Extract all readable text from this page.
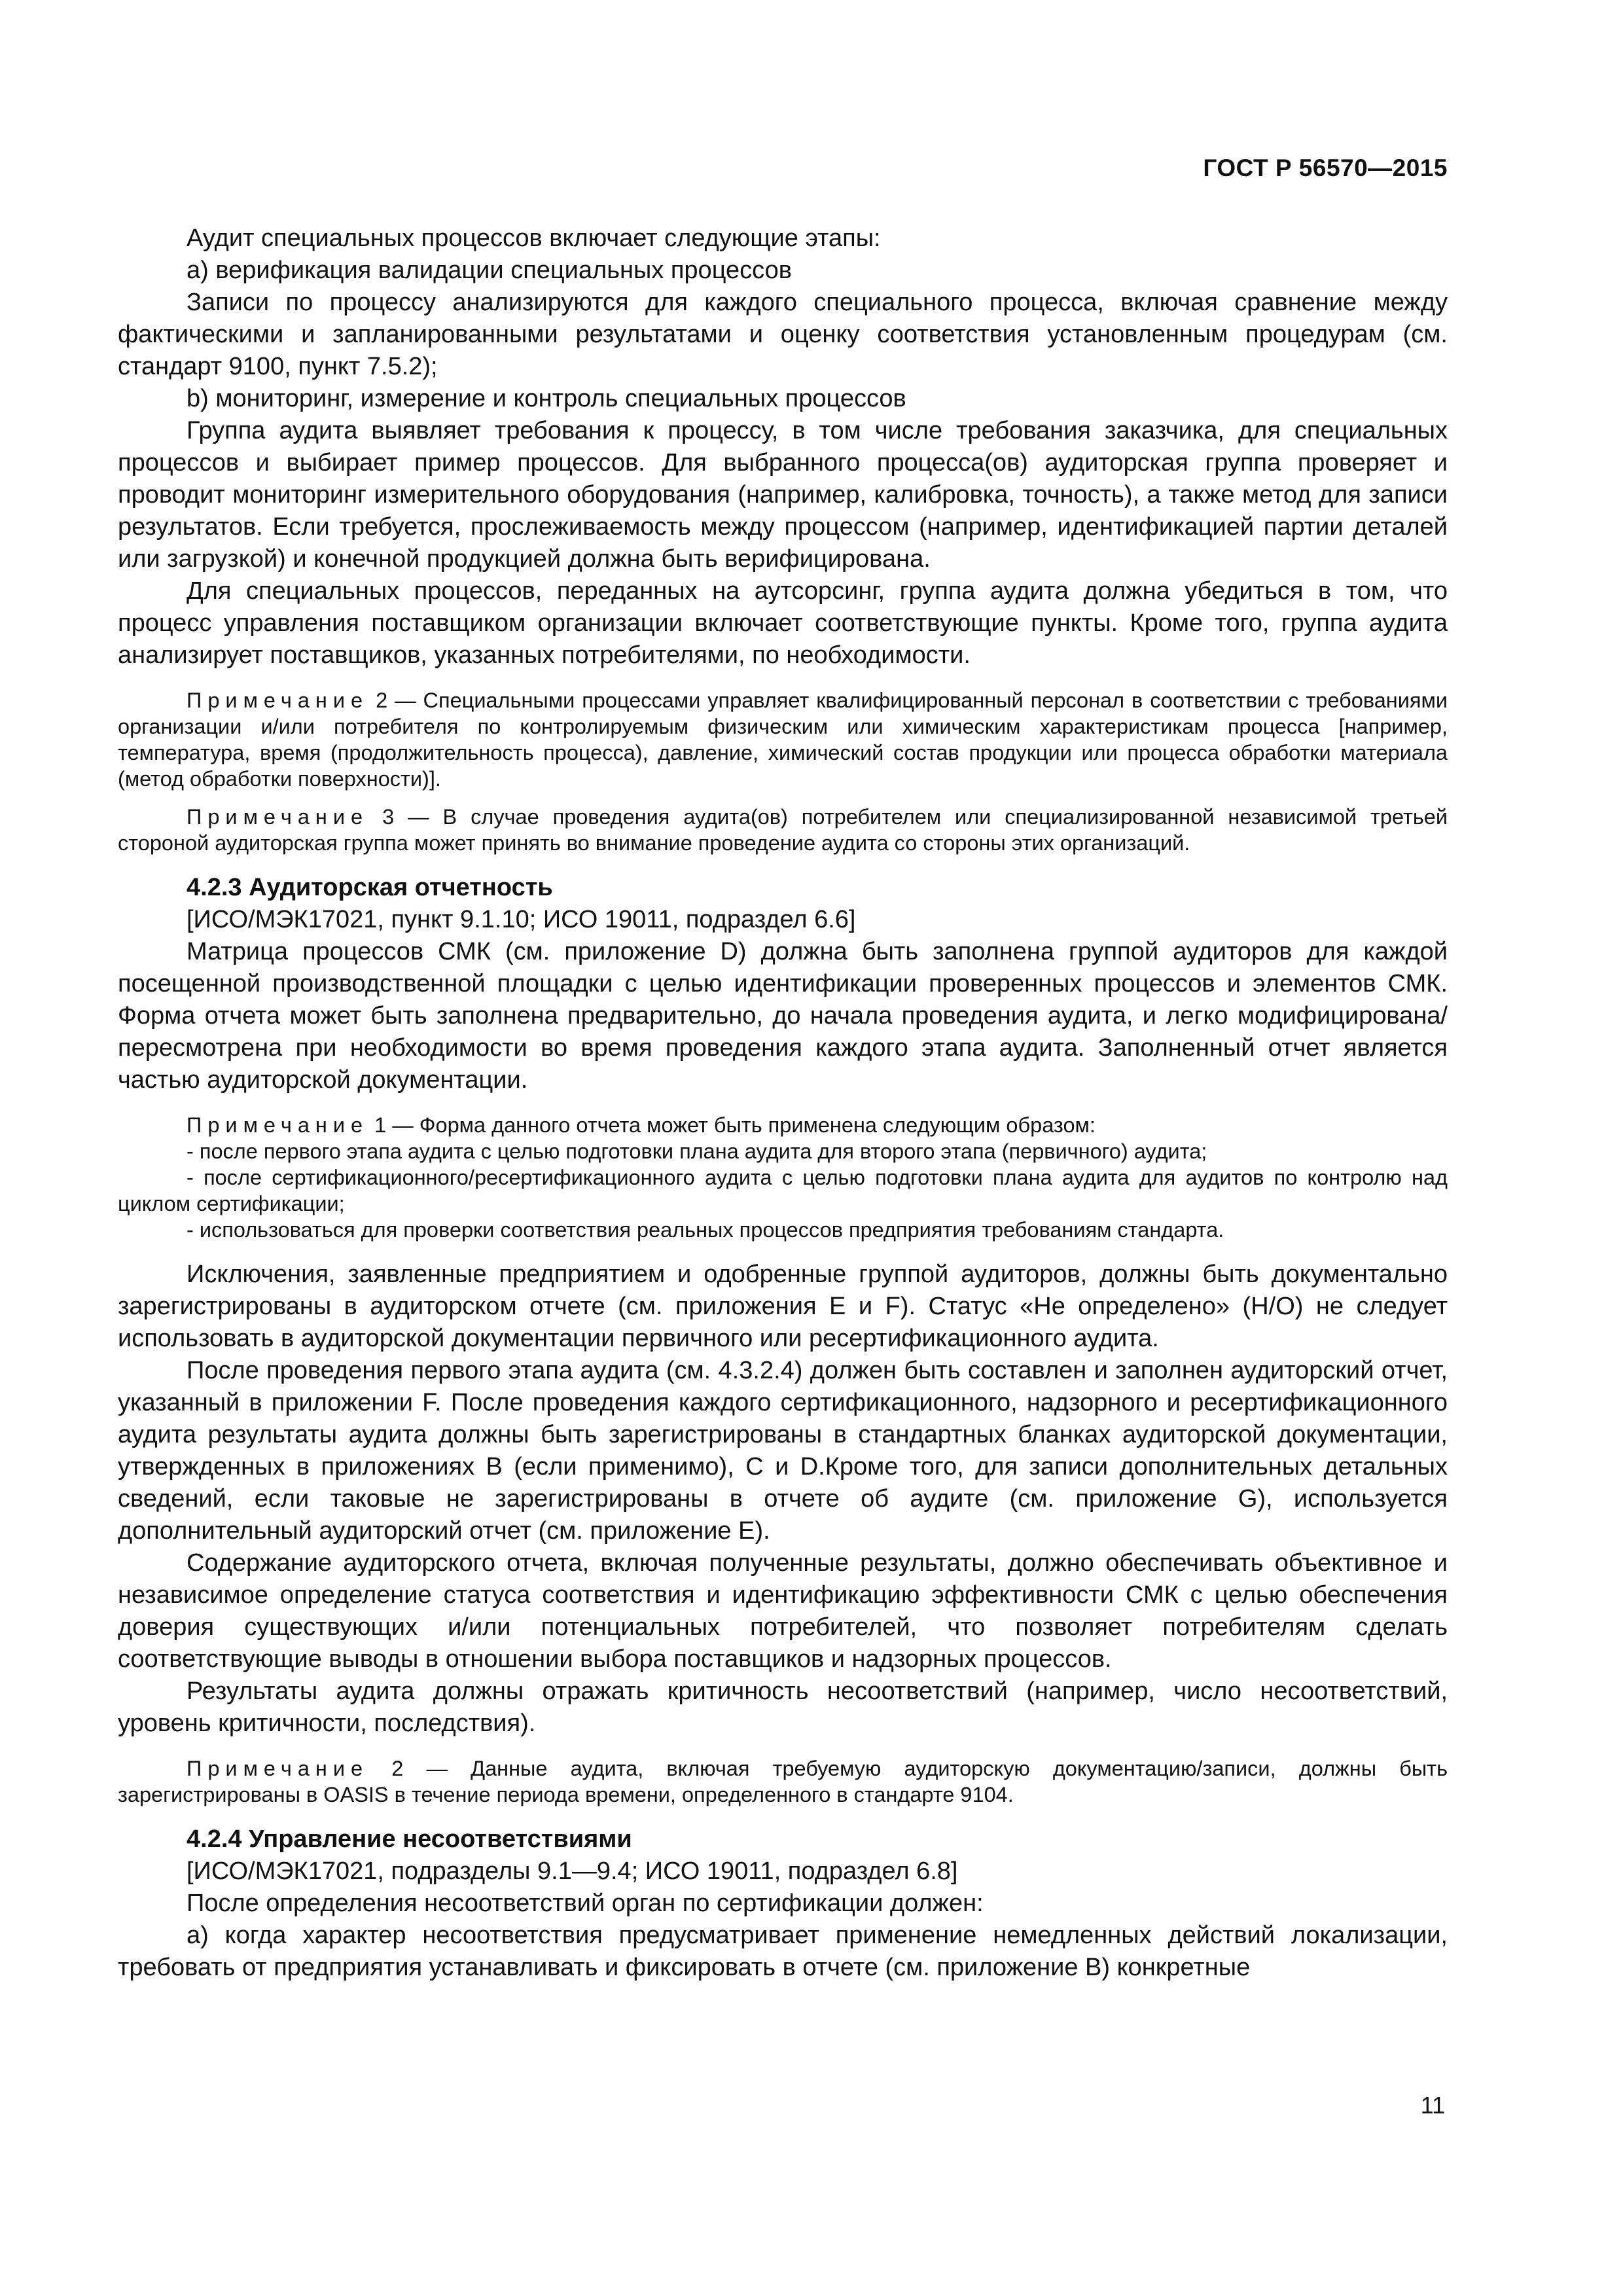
ГОСТ Р 56570—2015

Аудит специальных процессов включает следующие этапы:

a) верификация валидации специальных процессов

Записи по процессу анализируются для каждого специального процесса, включая сравнение между фактическими и запланированными результатами и оценку соответствия установленным процедурам (см. стандарт 9100, пункт 7.5.2);

b) мониторинг, измерение и контроль специальных процессов

Группа аудита выявляет требования к процессу, в том числе требования заказчика, для специальных процессов и выбирает пример процессов. Для выбранного процесса(ов) аудиторская группа проверяет и проводит мониторинг измерительного оборудования (например, калибровка, точность), а также метод для записи результатов. Если требуется, прослеживаемость между процессом (например, идентификацией партии деталей или загрузкой) и конечной продукцией должна быть верифицирована.

Для специальных процессов, переданных на аутсорсинг, группа аудита должна убедиться в том, что процесс управления поставщиком организации включает соответствующие пункты. Кроме того, группа аудита анализирует поставщиков, указанных потребителями, по необходимости.

Примечание 2 — Специальными процессами управляет квалифицированный персонал в соответствии с требованиями организации и/или потребителя по контролируемым физическим или химическим характеристикам процесса [например, температура, время (продолжительность процесса), давление, химический состав продукции или процесса обработки материала (метод обработки поверхности)].

Примечание 3 — В случае проведения аудита(ов) потребителем или специализированной независимой третьей стороной аудиторская группа может принять во внимание проведение аудита со стороны этих организаций.

4.2.3 Аудиторская отчетность

[ИСО/МЭК17021, пункт 9.1.10; ИСО 19011, подраздел 6.6]

Матрица процессов СМК (см. приложение D) должна быть заполнена группой аудиторов для каждой посещенной производственной площадки с целью идентификации проверенных процессов и элементов СМК. Форма отчета может быть заполнена предварительно, до начала проведения аудита, и легко модифицирована/пересмотрена при необходимости во время проведения каждого этапа аудита. Заполненный отчет является частью аудиторской документации.

Примечание 1 — Форма данного отчета может быть применена следующим образом:

- после первого этапа аудита с целью подготовки плана аудита для второго этапа (первичного) аудита;

- после сертификационного/ресертификационного аудита с целью подготовки плана аудита для аудитов по контролю над циклом сертификации;

- использоваться для проверки соответствия реальных процессов предприятия требованиям стандарта.

Исключения, заявленные предприятием и одобренные группой аудиторов, должны быть документально зарегистрированы в аудиторском отчете (см. приложения E и F). Статус «Не определено» (Н/О) не следует использовать в аудиторской документации первичного или ресертификационного аудита.

После проведения первого этапа аудита (см. 4.3.2.4) должен быть составлен и заполнен аудиторский отчет, указанный в приложении F. После проведения каждого сертификационного, надзорного и ресертификационного аудита результаты аудита должны быть зарегистрированы в стандартных бланках аудиторской документации, утвержденных в приложениях B (если применимо), C и D.Кроме того, для записи дополнительных детальных сведений, если таковые не зарегистрированы в отчете об аудите (см. приложение G), используется дополнительный аудиторский отчет (см. приложение E).

Содержание аудиторского отчета, включая полученные результаты, должно обеспечивать объективное и независимое определение статуса соответствия и идентификацию эффективности СМК с целью обеспечения доверия существующих и/или потенциальных потребителей, что позволяет потребителям сделать соответствующие выводы в отношении выбора поставщиков и надзорных процессов.

Результаты аудита должны отражать критичность несоответствий (например, число несоответствий, уровень критичности, последствия).

Примечание 2 — Данные аудита, включая требуемую аудиторскую документацию/записи, должны быть зарегистрированы в OASIS в течение периода времени, определенного в стандарте 9104.

4.2.4 Управление несоответствиями

[ИСО/МЭК17021, подразделы 9.1—9.4; ИСО 19011, подраздел 6.8]

После определения несоответствий орган по сертификации должен:

a) когда характер несоответствия предусматривает применение немедленных действий локализации, требовать от предприятия устанавливать и фиксировать в отчете (см. приложение B) конкретные

11
